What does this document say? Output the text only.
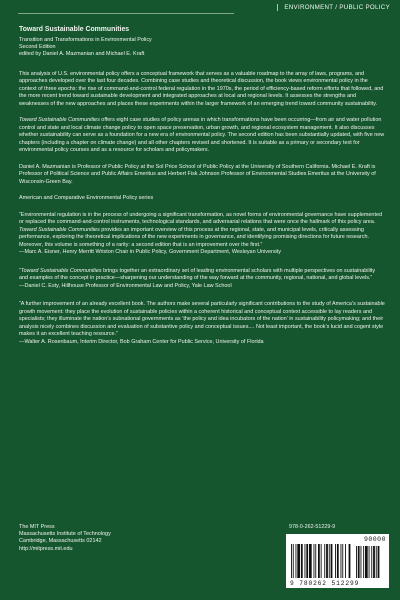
ENVIRONMENT / PUBLIC POLICY
Toward Sustainable Communities
Transition and Transformations in Environmental Policy
Second Edition
edited by Daniel A. Mazmanian and Michael E. Kraft

This analysis of U.S. environmental policy offers a conceptual framework that serves as a valuable roadmap to the array of laws, programs, and approaches developed over the last four decades. Combining case studies and theoretical discussion, the book views environmental policy in the context of three epochs: the rise of command-and-control federal regulation in the 1970s, the period of efficiency-based reform efforts that followed, and the more recent trend toward sustainable development and integrated approaches at local and regional levels. It assesses the strengths and weaknesses of the new approaches and places these experiments within the larger framework of an emerging trend toward community sustainability.

Toward Sustainable Communities offers eight case studies of policy arenas in which transformations have been occurring—from air and water pollution control and state and local climate change policy to open space preservation, urban growth, and regional ecosystem management. It also discusses whether sustainability can serve as a foundation for a new era of environmental policy. The second edition has been substantially updated, with five new chapters (including a chapter on climate change) and all other chapters revised and shortened. It is suitable as a primary or secondary text for environmental policy courses and as a resource for scholars and policymakers.

Daniel A. Mazmanian is Professor of Public Policy at the Sol Price School of Public Policy at the University of Southern California. Michael E. Kraft is Professor of Political Science and Public Affairs Emeritus and Herbert Fisk Johnson Professor of Environmental Studies Emeritus at the University of Wisconsin-Green Bay.

American and Comparative Environmental Policy series

“Environmental regulation is in the process of undergoing a significant transformation, as novel forms of environmental governance have supplemented or replaced the command-and-control instruments, technological standards, and adversarial relations that were once the hallmark of this policy area. Toward Sustainable Communities provides an important overview of this process at the regional, state, and municipal levels, critically assessing performance, exploring the theoretical implications of the new experiments in governance, and identifying promising directions for future research. Moreover, this volume is something of a rarity: a second edition that is an improvement over the first.”
—Marc A. Eisner, Henry Merritt Wriston Chair in Public Policy, Government Department, Wesleyan University
“Toward Sustainable Communities brings together an extraordinary set of leading environmental scholars with multiple perspectives on sustainability and examples of the concept in practice—sharpening our understanding of the way forward at the community, regional, national, and global levels.”
—Daniel C. Esty, Hillhouse Professor of Environmental Law and Policy, Yale Law School
“A further improvement of an already excellent book. The authors make several particularly significant contributions to the study of America’s sustainable growth movement: they place the evolution of sustainable policies within a coherent historical and conceptual context accessible to lay readers and specialists; they illuminate the nation’s subnational governments as ‘the policy and idea incubators of the nation’ in sustainability policymaking; and their analysis nicely combines discussion and evaluation of substantive policy and conceptual issues.... Not least important, the book’s lucid and cogent style makes it an excellent teaching resource.”
—Walter A. Rosenbaum, Interim Director, Bob Graham Center for Public Service, University of Florida
The MIT Press
Massachusetts Institute of Technology
Cambridge, Massachusetts 02142
http://mitpress.mit.edu
978-0-262-51229-9
90000
9 780262 512299
